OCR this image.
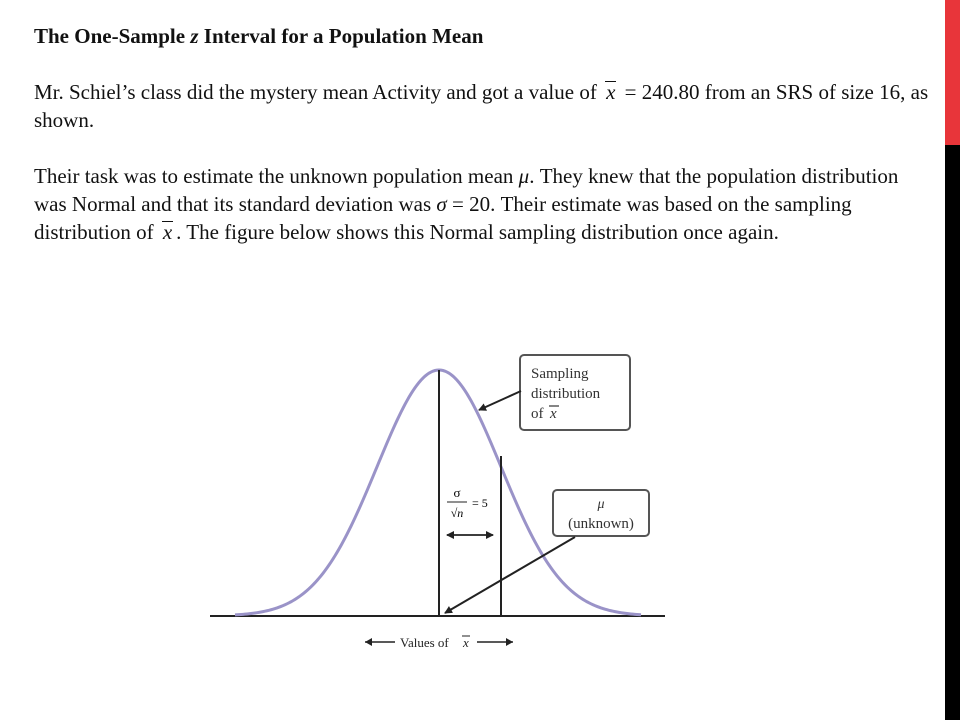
The One-Sample z Interval for a Population Mean

Mr. Schiel’s class did the mystery mean Activity and got a value of x = 240.80 from an SRS of size 16, as shown.

Their task was to estimate the unknown population mean μ. They knew that the population distribution was Normal and that its standard deviation was σ = 20. Their estimate was based on the sampling distribution of x . The figure below shows this Normal sampling distribution once again.

σ
√n
= 5
Sampling
distribution
of x
μ
(unknown)
Values of x
